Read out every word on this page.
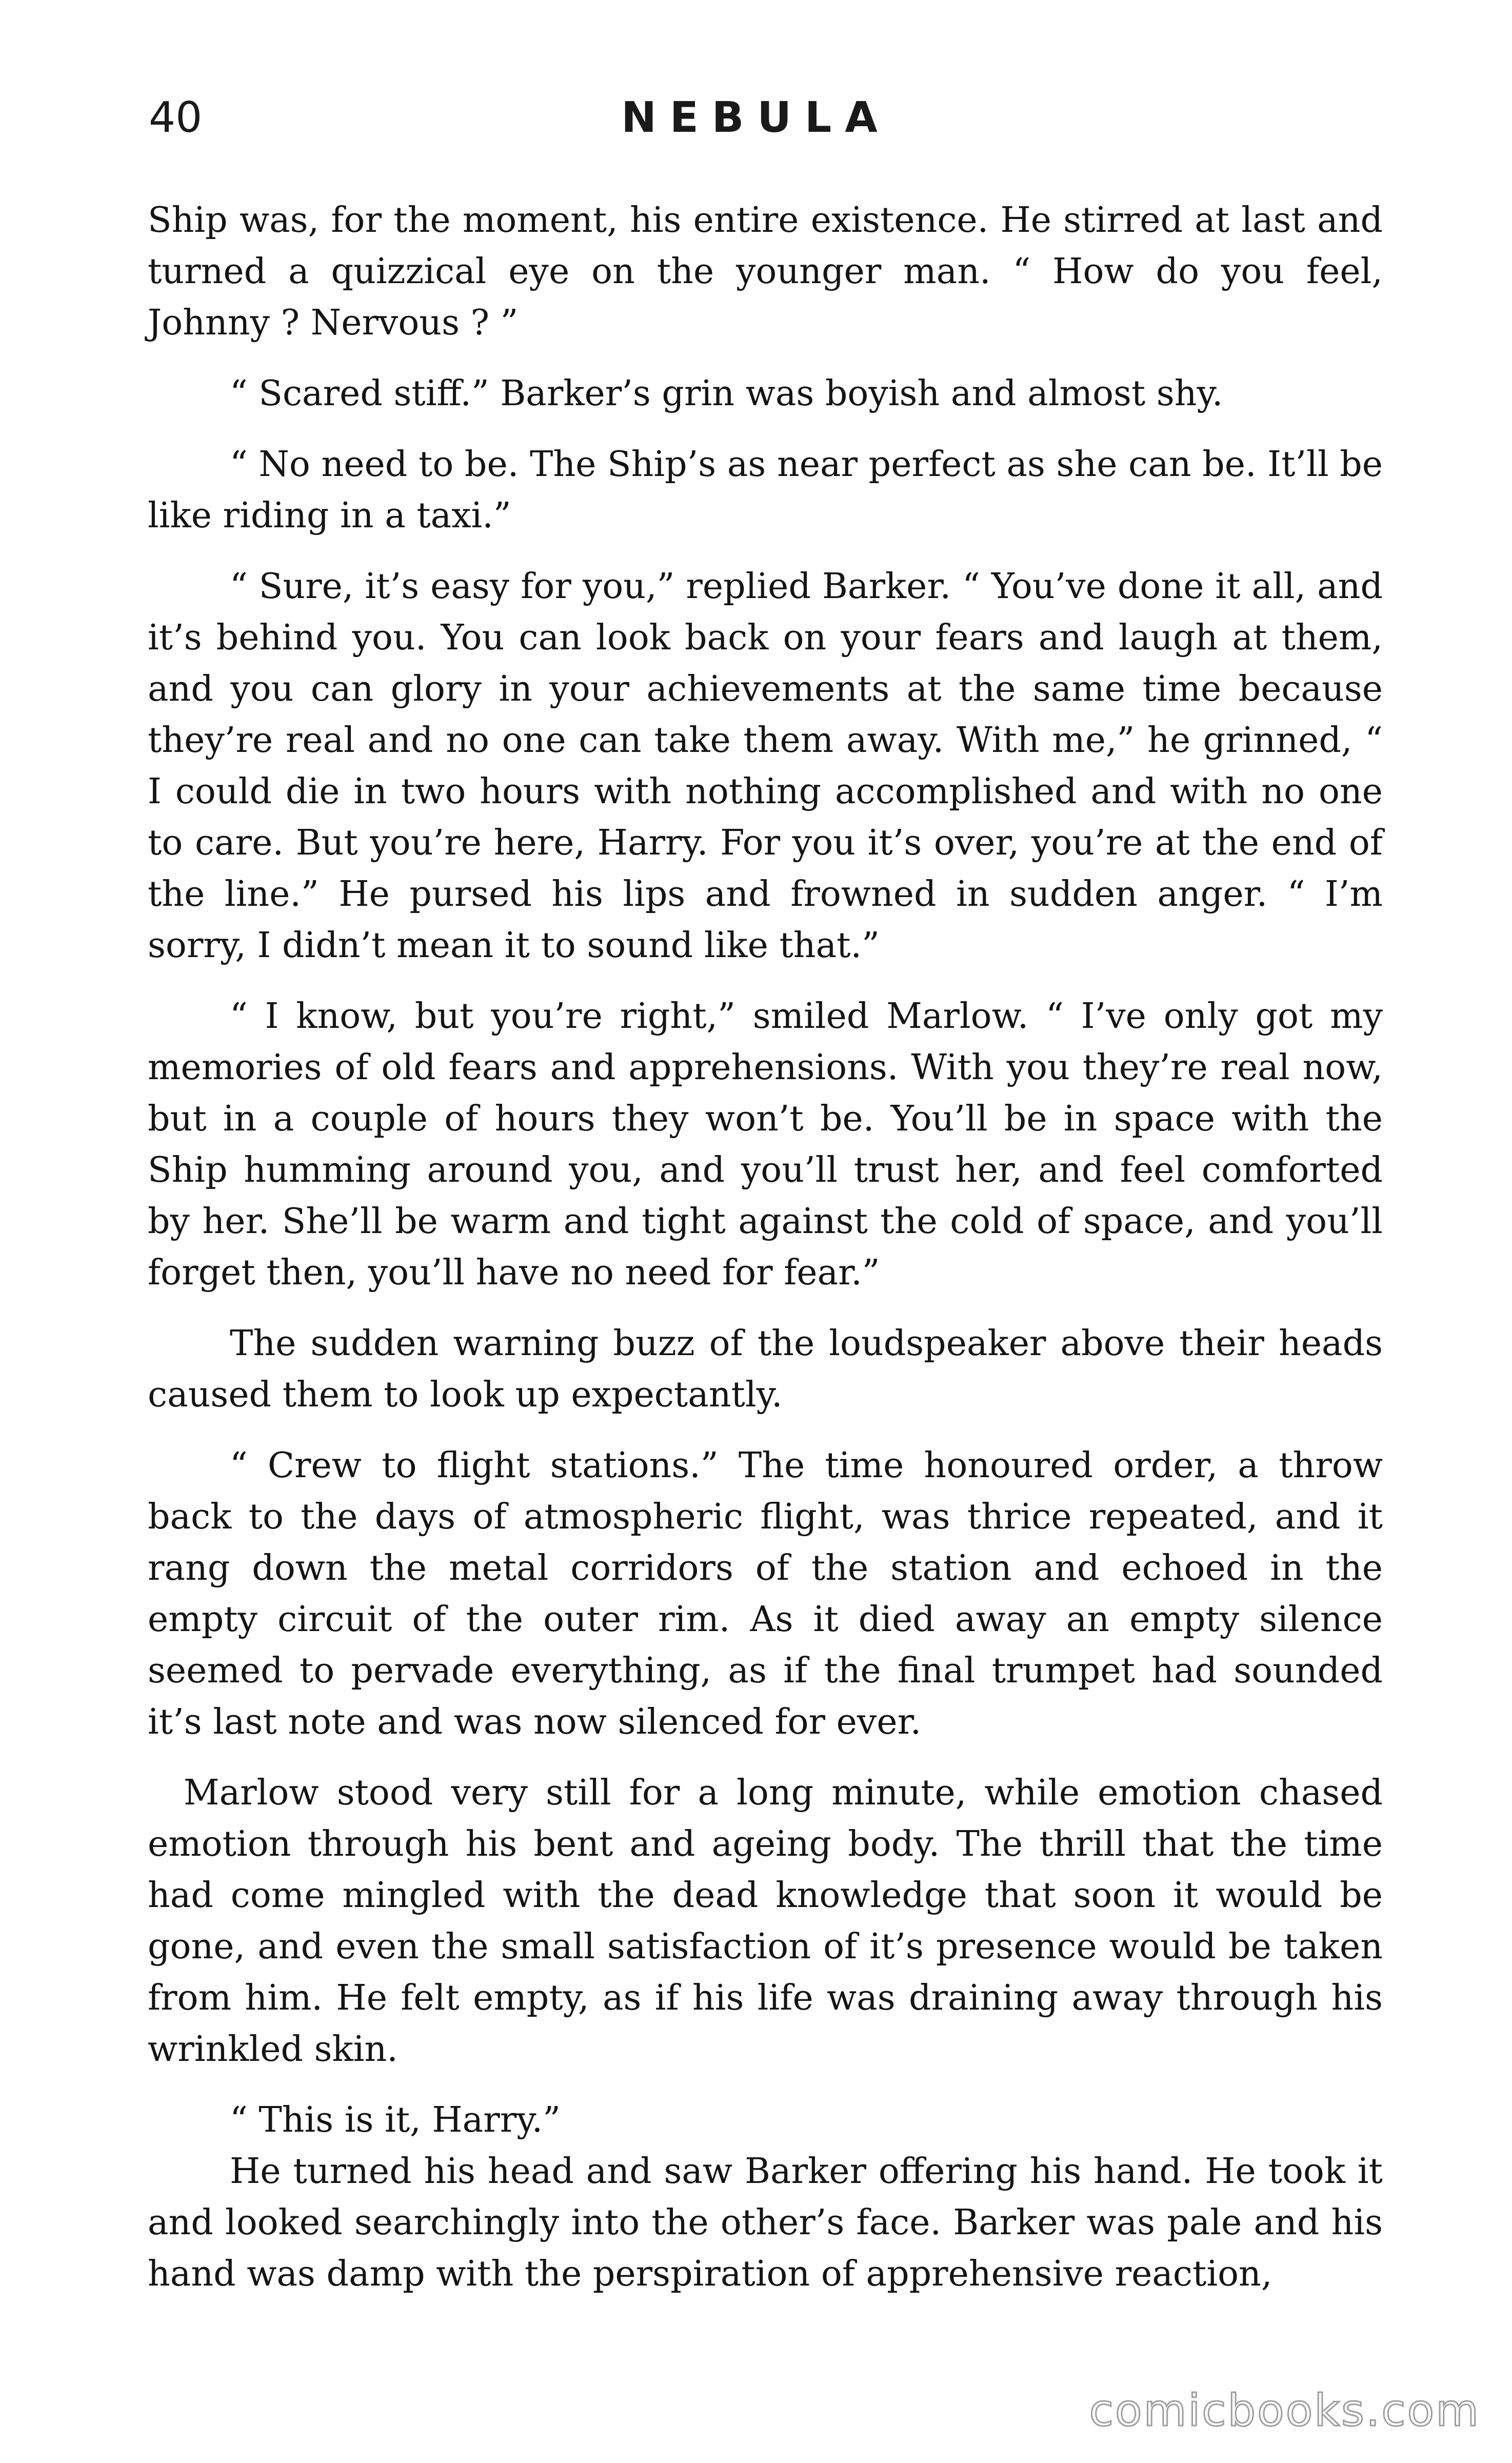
40	NEBULA

Ship was, for the moment, his entire existence. He stirred at last and turned a quizzical eye on the younger man. “ How do you feel, Johnny ? Nervous ? ”

“ Scared stiff.” Barker’s grin was boyish and almost shy.

“ No need to be. The Ship’s as near perfect as she can be. It’ll be like riding in a taxi.”

“ Sure, it’s easy for you,” replied Barker. “ You’ve done it all, and it’s behind you. You can look back on your fears and laugh at them, and you can glory in your achievements at the same time because they’re real and no one can take them away. With me,” he grinned, “ I could die in two hours with nothing accomplished and with no one to care. But you’re here, Harry. For you it’s over, you’re at the end of the line.” He pursed his lips and frowned in sudden anger. “ I’m sorry, I didn’t mean it to sound like that.”

“ I know, but you’re right,” smiled Marlow. “ I’ve only got my memories of old fears and apprehensions. With you they’re real now, but in a couple of hours they won’t be. You’ll be in space with the Ship humming around you, and you’ll trust her, and feel comforted by her. She’ll be warm and tight against the cold of space, and you’ll forget then, you’ll have no need for fear.”

The sudden warning buzz of the loudspeaker above their heads caused them to look up expectantly.

“ Crew to flight stations.” The time honoured order, a throw back to the days of atmospheric flight, was thrice repeated, and it rang down the metal corridors of the station and echoed in the empty circuit of the outer rim. As it died away an empty silence seemed to pervade everything, as if the final trumpet had sounded it’s last note and was now silenced for ever.

Marlow stood very still for a long minute, while emotion chased emotion through his bent and ageing body. The thrill that the time had come mingled with the dead knowledge that soon it would be gone, and even the small satisfaction of it’s presence would be taken from him. He felt empty, as if his life was draining away through his wrinkled skin.

“ This is it, Harry.”

He turned his head and saw Barker offering his hand. He took it and looked searchingly into the other’s face. Barker was pale and his hand was damp with the perspiration of apprehensive reaction,

comicbooks.com
